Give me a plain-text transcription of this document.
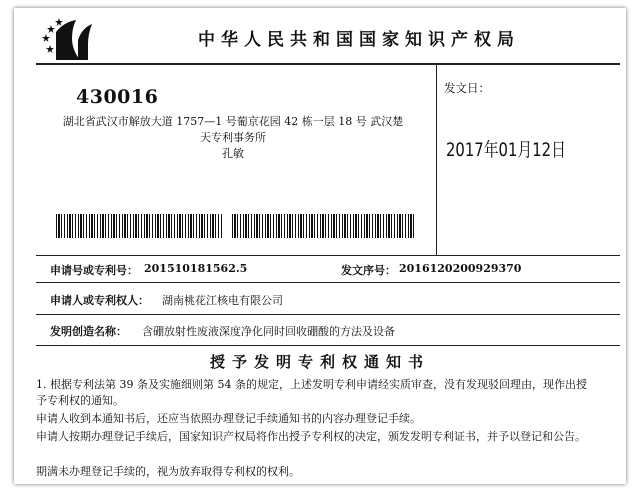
中华人民共和国国家知识产权局
430016
湖北省武汉市解放大道 1757—1 号葡京花园 42 栋一层 18 号 武汉楚
天专利事务所
孔敏
发文日：
2017年01月12日
申请号或专利号： 201510181562.5	发文序号： 2016120200929370
申请人或专利权人： 湖南桃花江核电有限公司
发明创造名称： 含硼放射性废液深度净化同时回收硼酸的方法及设备
授予发明专利权通知书
1. 根据专利法第 39 条及实施细则第 54 条的规定，上述发明专利申请经实质审查，没有发现驳回理由，现作出授予专利权的通知。
申请人收到本通知书后，还应当依照办理登记手续通知书的内容办理登记手续。
申请人按期办理登记手续后，国家知识产权局将作出授予专利权的决定，颁发发明专利证书，并予以登记和公告。
期满未办理登记手续的，视为放弃取得专利权的权利。
